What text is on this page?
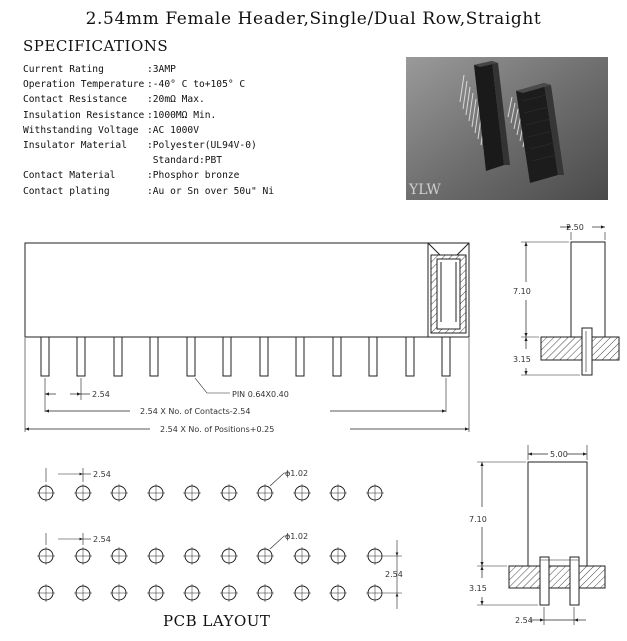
2.54mm Female Header,Single/Dual Row,Straight
SPECIFICATIONS
Current Rating	:3AMP
Operation Temperature :-40° C to+105° C
Contact Resistance	:20mΩ Max.
Insulation Resistance :1000MΩ Min.
Withstanding Voltage :AC 1000V
Insulator Material	:Polyester(UL94V-0)
Standard:PBT
Contact Material	:Phosphor bronze
Contact plating	:Au or Sn over 50u" Ni	YLW
2.54	PIN 0.64X0.40
2.54 X No. of Contacts-2.54
2.54 X No. of Positions+0.25
2.50
7.10
3.15
5.00
7.10
3.15
2.54
2.54	ϕ1.02
2.54	ϕ1.02
2.54
PCB LAYOUT
